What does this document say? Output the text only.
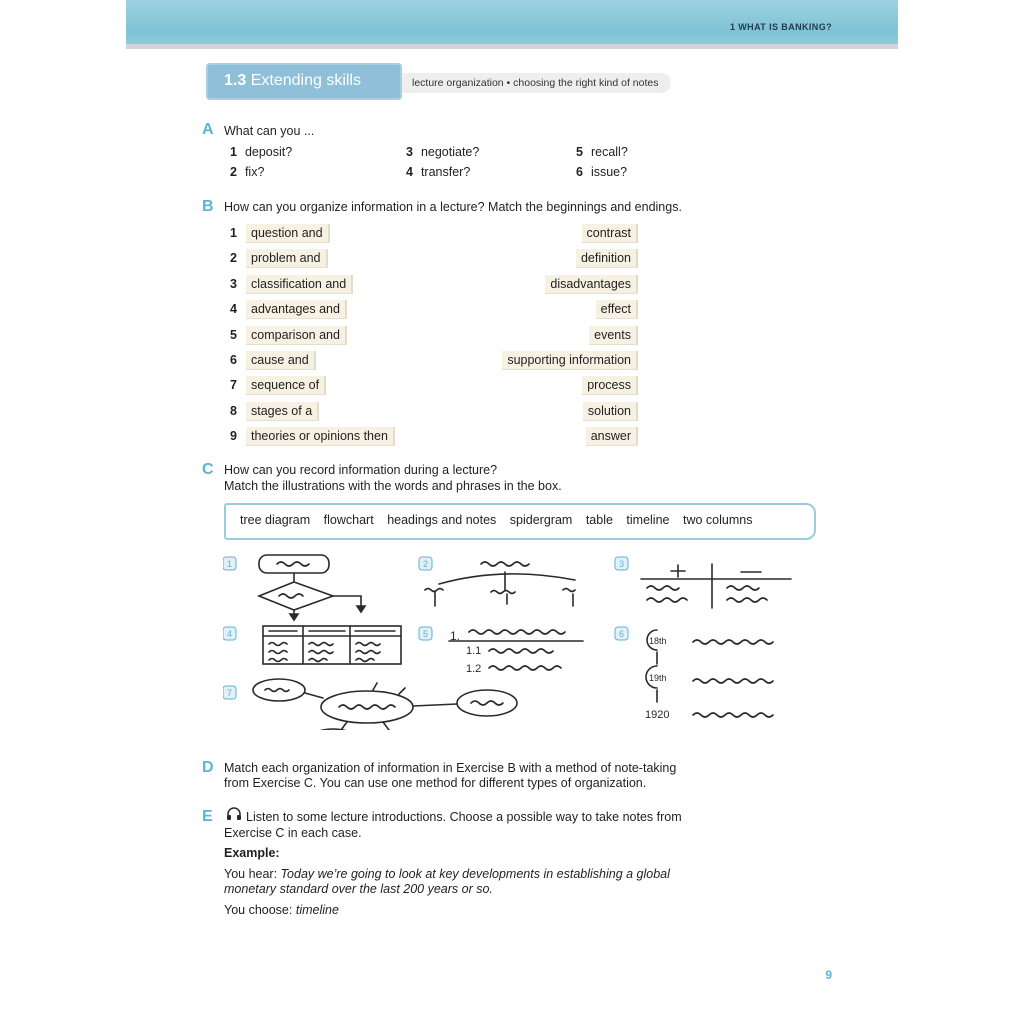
1 WHAT IS BANKING?
1.3 Extending skills	lecture organization • choosing the right kind of notes
A What can you ...
1 deposit?	3 negotiate?	5 recall?
2 fix?	4 transfer?	6 issue?
B How can you organize information in a lecture? Match the beginnings and endings.
1	question and	contrast
2	problem and	definition
3	classification and	disadvantages
4	advantages and	effect
5	comparison and	events
6	cause and	supporting information
7	sequence of	process
8	stages of a	solution
9	theories or opinions then	answer
C How can you record information during a lecture?
Match the illustrations with the words and phrases in the box.
tree diagram flowchart headings and notes spidergram table timeline two columns
1	2	3
4	5	6
7
1.
1.1
1.2
18th
19th
1920
D Match each organization of information in Exercise B with a method of note-taking
from Exercise C. You can use one method for different types of organization.
E	Listen to some lecture introductions. Choose a possible way to take notes from
Exercise C in each case.
Example:
You hear: Today we’re going to look at key developments in establishing a global
monetary standard over the last 200 years or so.
You choose: timeline
9
